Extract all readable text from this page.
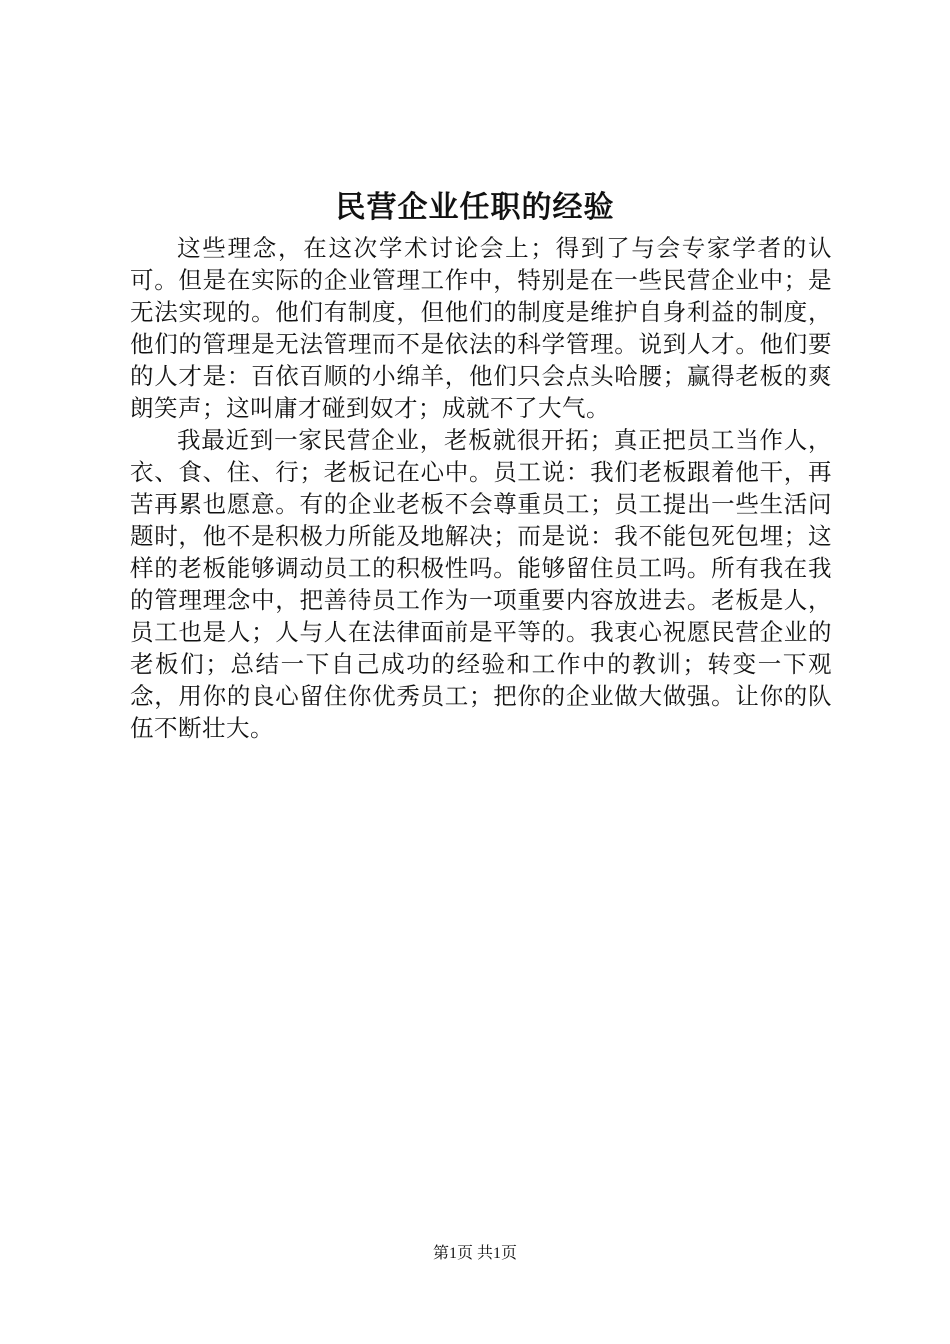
民营企业任职的经验

这些理念，在这次学术讨论会上；得到了与会专家学者的认可。但是在实际的企业管理工作中，特别是在一些民营企业中；是无法实现的。他们有制度，但他们的制度是维护自身利益的制度，他们的管理是无法管理而不是依法的科学管理。说到人才。他们要的人才是：百依百顺的小绵羊，他们只会点头哈腰；赢得老板的爽朗笑声；这叫庸才碰到奴才；成就不了大气。

我最近到一家民营企业，老板就很开拓；真正把员工当作人，衣、食、住、行；老板记在心中。员工说：我们老板跟着他干，再苦再累也愿意。有的企业老板不会尊重员工；员工提出一些生活问题时，他不是积极力所能及地解决；而是说：我不能包死包埋；这样的老板能够调动员工的积极性吗。能够留住员工吗。所有我在我的管理理念中，把善待员工作为一项重要内容放进去。老板是人，员工也是人；人与人在法律面前是平等的。我衷心祝愿民营企业的老板们；总结一下自己成功的经验和工作中的教训；转变一下观念，用你的良心留住你优秀员工；把你的企业做大做强。让你的队伍不断壮大。

第1页 共1页
